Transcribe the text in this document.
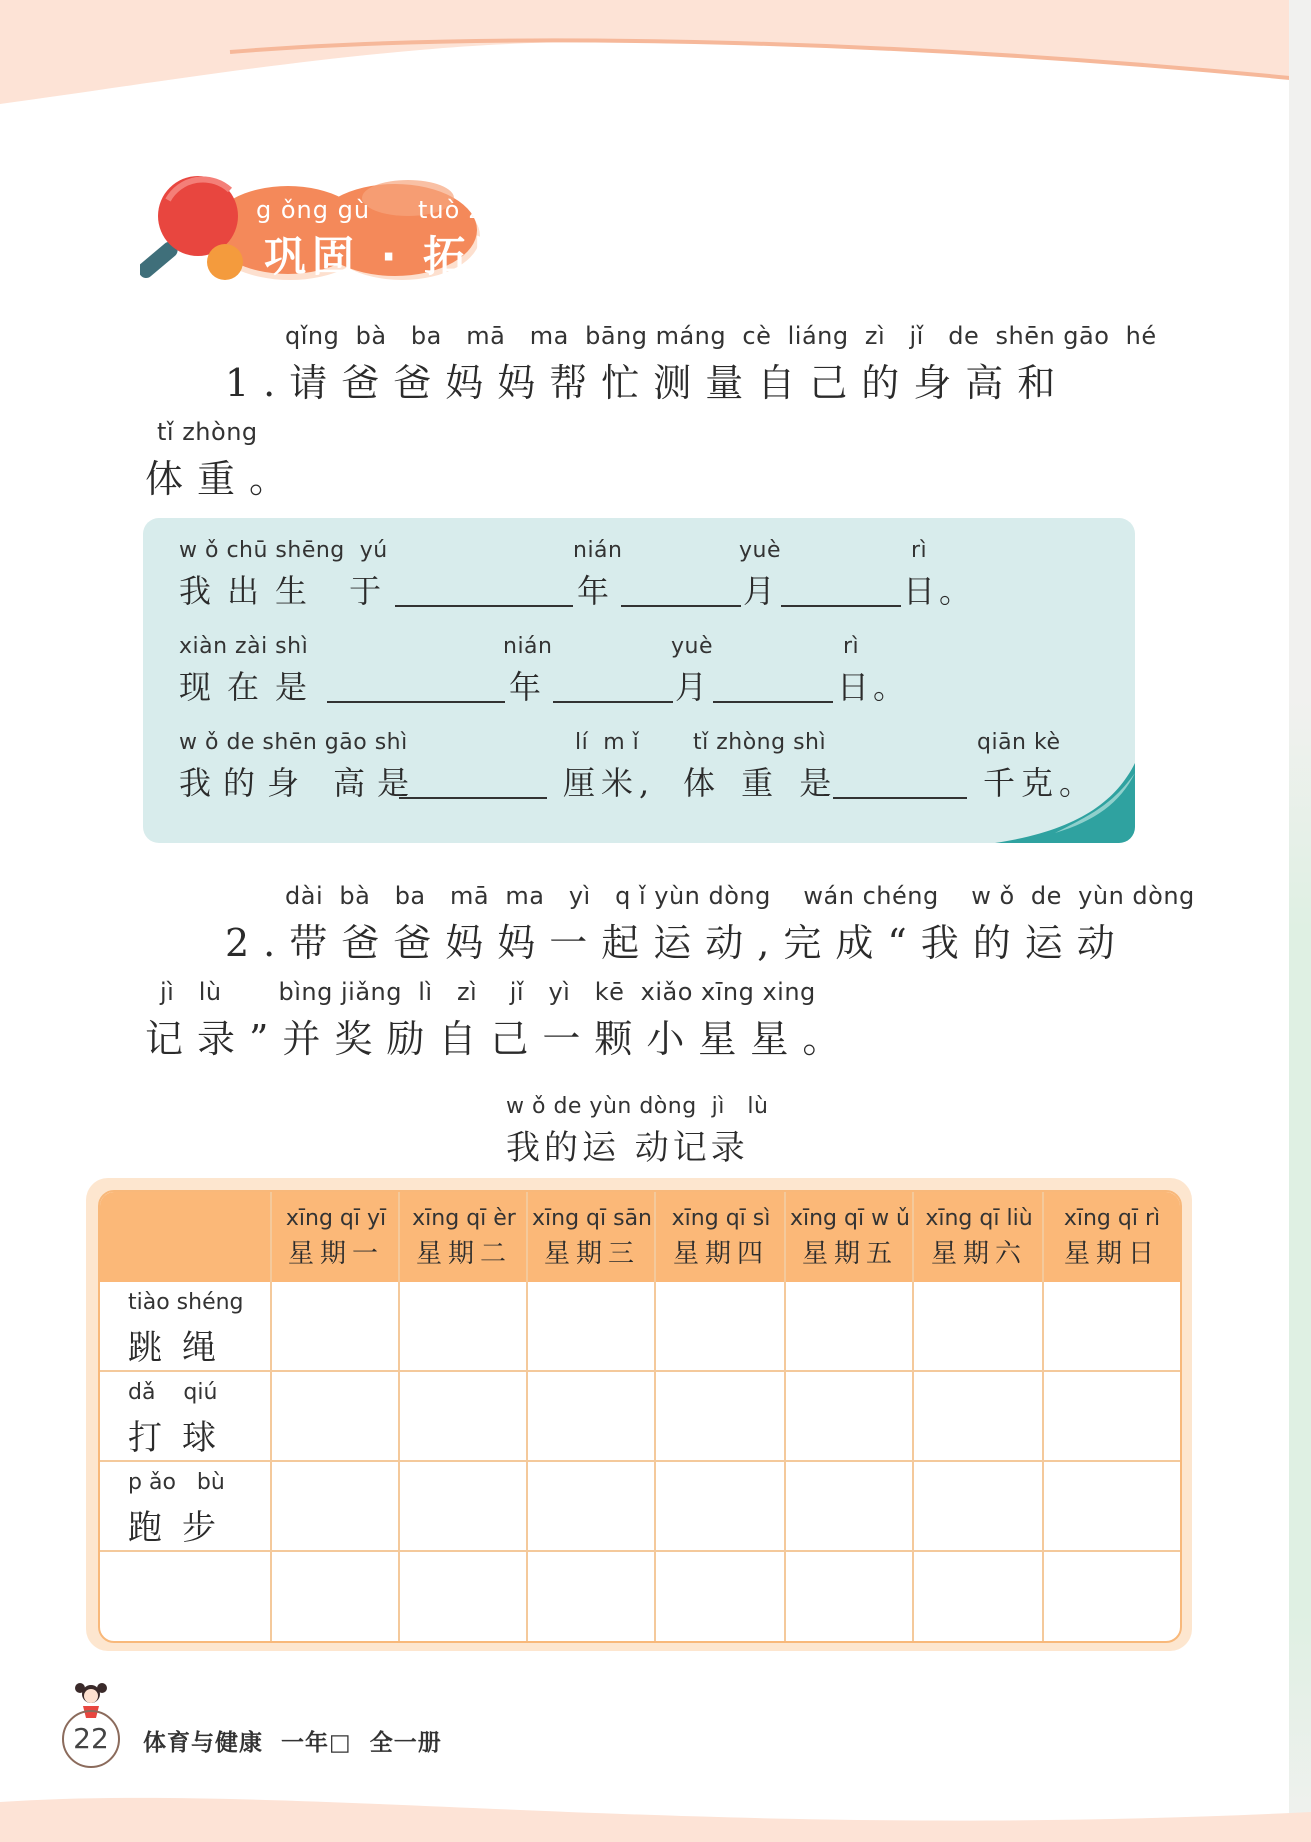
g ǒng gù tuò zh ǎn
巩固 · 拓展
qǐng  bà   ba   mā   ma  bāng máng  cè  liáng  zì   jǐ   de  shēn gāo  hé
1.请爸爸妈妈帮忙测量自己的身高和
tǐ zhòng
体重。
w ǒ chū shēng  yú
我出生 于
nián
年
yuè
月
rì
日。
xiàn zài shì
现在是
nián
年
yuè
月
rì
日。
w ǒ de shēn gāo shì
我的身 高是
lí  m ǐ
厘米,
tǐ zhòng shì
体 重 是
qiān kè
千克。
dài  bà   ba   mā  ma   yì   q ǐ yùn dòng    wán chéng    w ǒ  de  yùn dòng
2.带爸爸妈妈一起运动,完成“我的运动
jì   lù       bìng jiǎng  lì   zì    jǐ   yì   kē  xiǎo xīng xing
记录”并奖励自己一颗小星星。
w ǒ de yùn dòng  jì   lù
我的运 动记录
xīng qī yī
星期一
xīng qī èr
星期二
xīng qī sān
星期三
xīng qī sì
星期四
xīng qī w ǔ
星期五
xīng qī liù
星期六
xīng qī rì
星期日
tiào shéng
跳绳
dǎ    qiú
打球
p ǎo   bù
跑步
22	体育与健康  一年□  全一册
